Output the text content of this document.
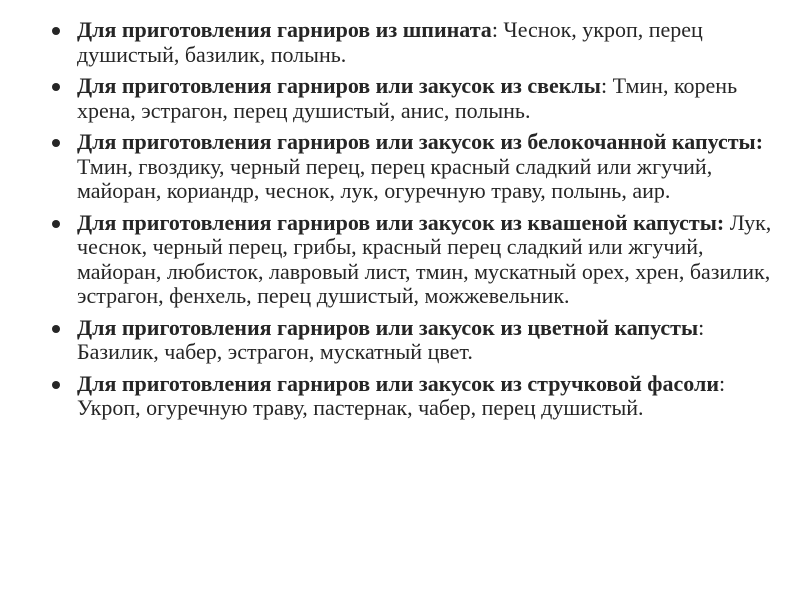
Для приготовления гарниров из шпината: Чеснок, укроп, перец душистый, базилик, полынь.
Для приготовления гарниров или закусок из свеклы: Тмин, корень хрена, эстрагон, перец душистый, анис, полынь.
Для приготовления гарниров или закусок из белокочанной капусты: Тмин, гвоздику, черный перец, перец красный сладкий или жгучий, майоран, кориандр, чеснок, лук, огуречную траву, полынь, аир.
Для приготовления гарниров или закусок из квашеной капусты: Лук, чеснок, черный перец, грибы, красный перец сладкий или жгучий, майоран, любисток, лавровый лист, тмин, мускатный орех, хрен, базилик, эстрагон, фенхель, перец душистый, можжевельник.
Для приготовления гарниров или закусок из цветной капусты: Базилик, чабер, эстрагон, мускатный цвет.
Для приготовления гарниров или закусок из стручковой фасоли: Укроп, огуречную траву, пастернак, чабер, перец душистый.
